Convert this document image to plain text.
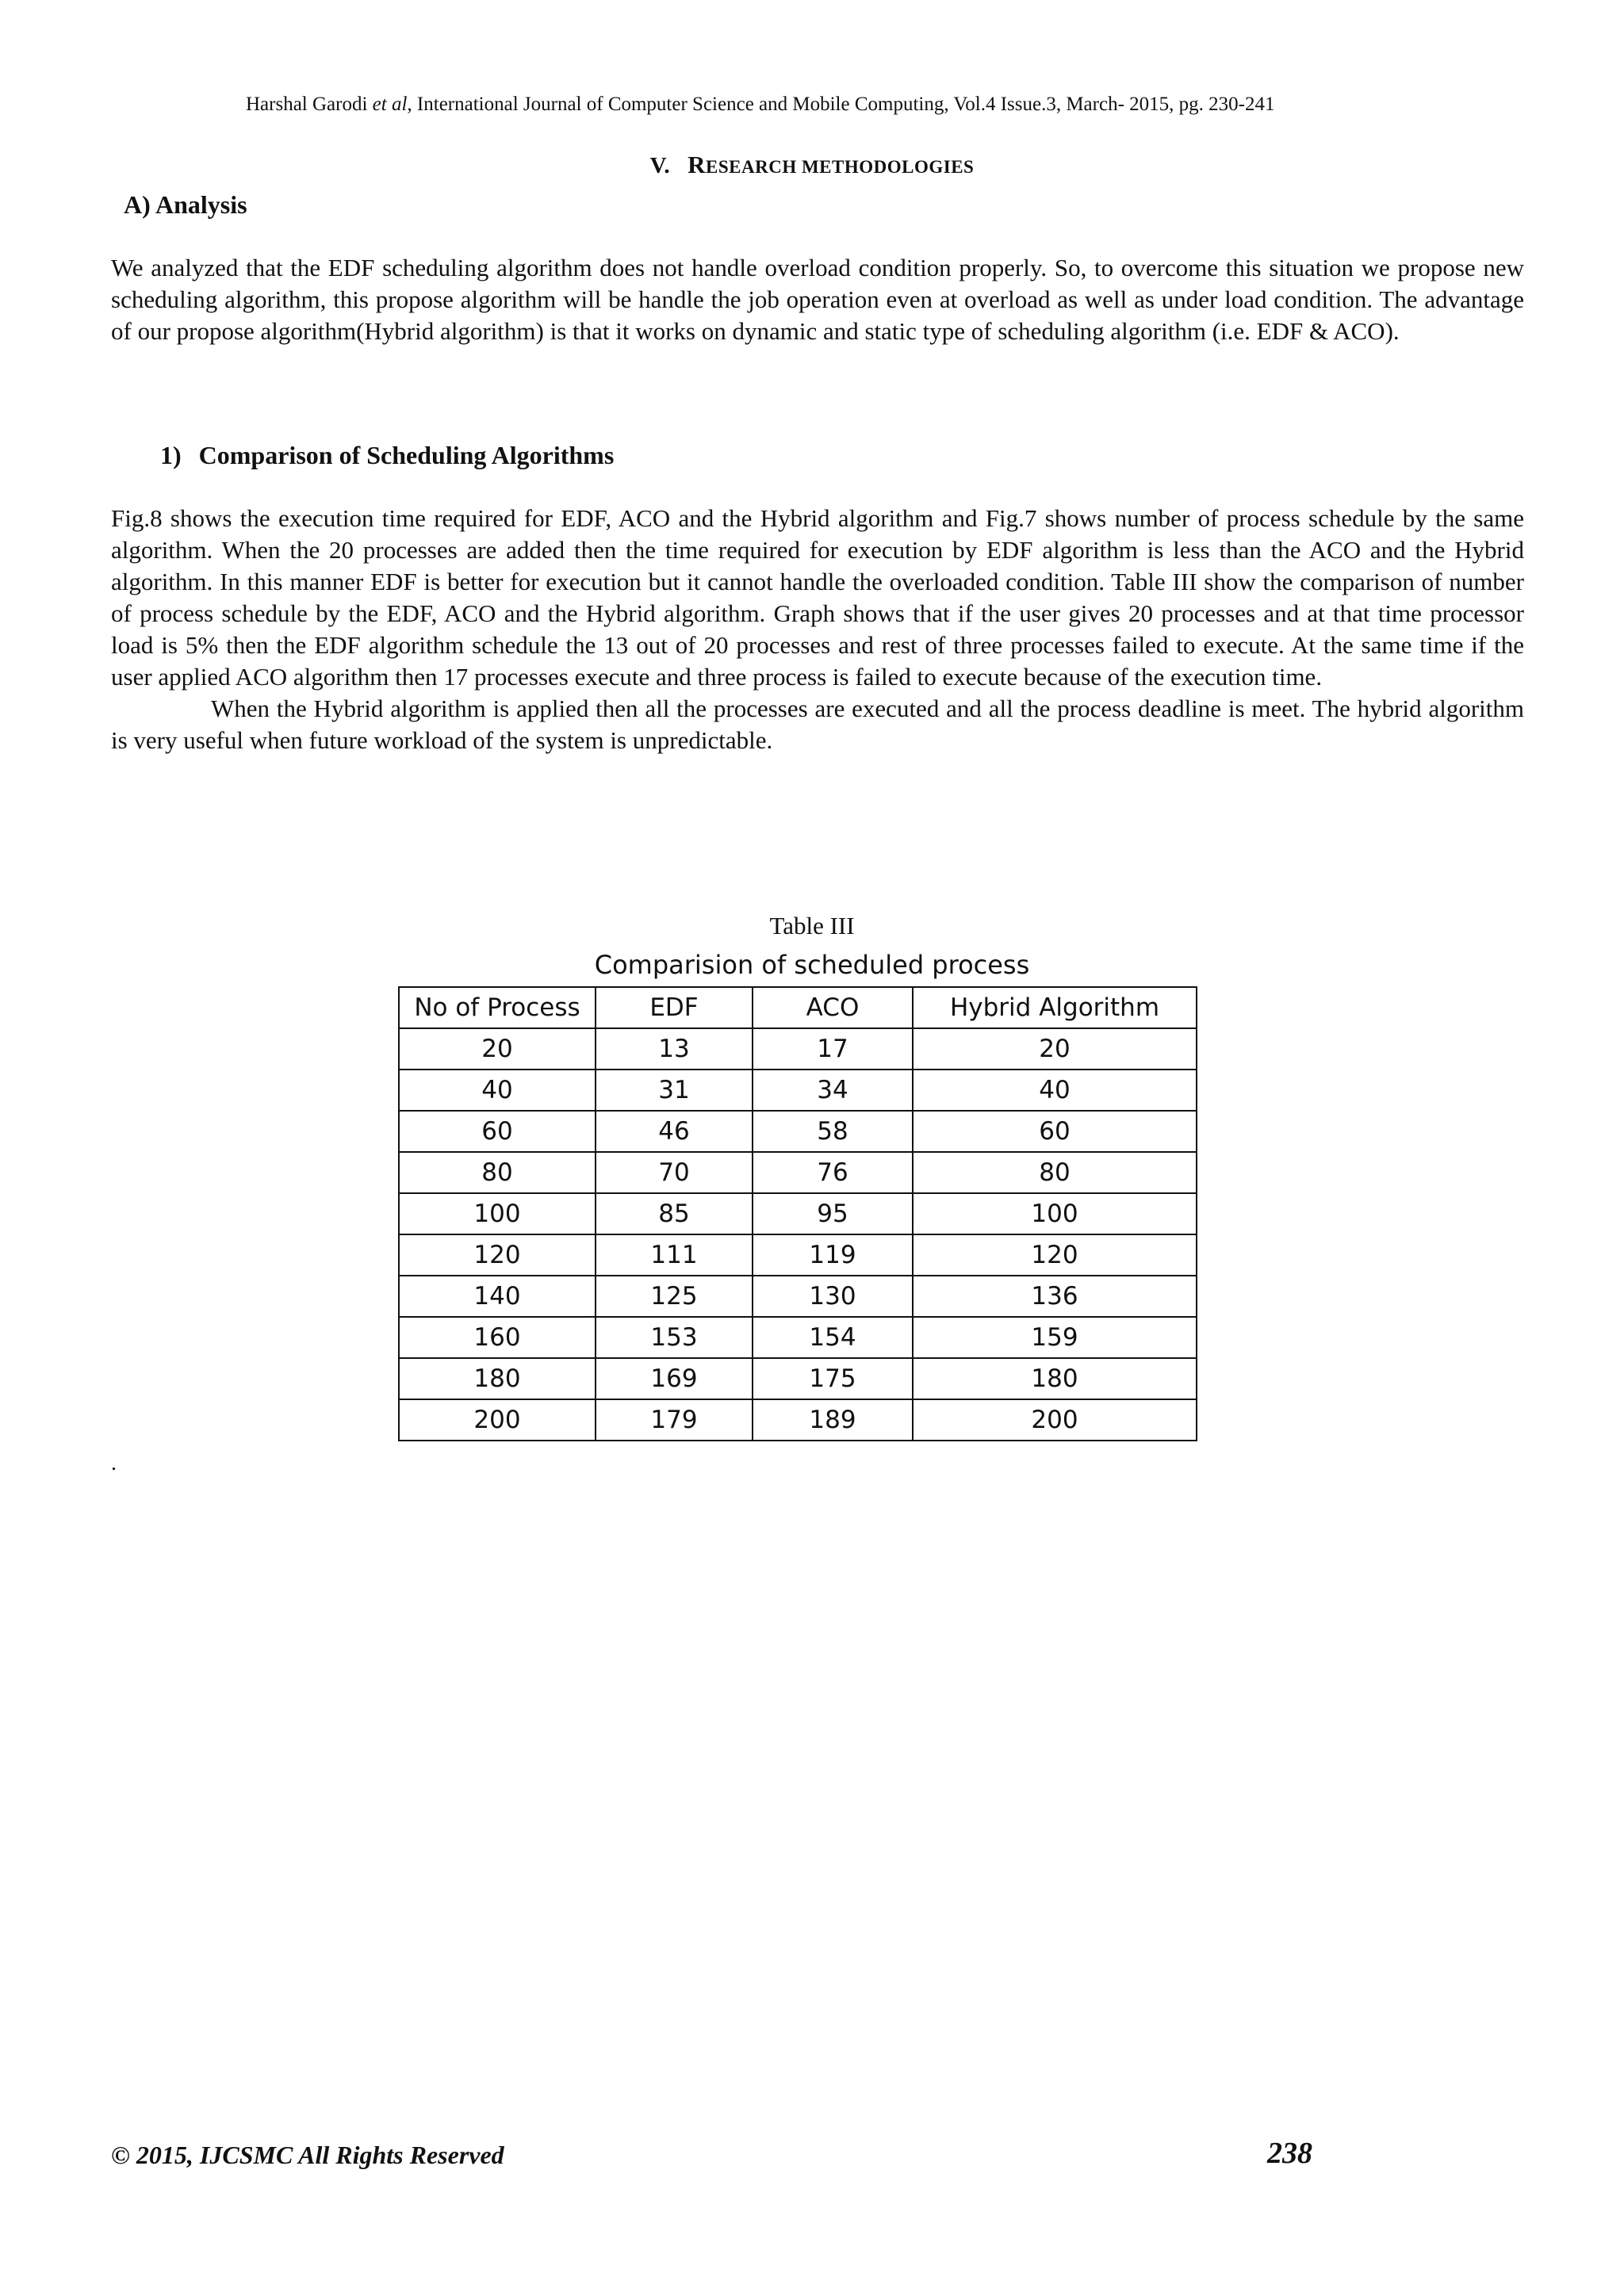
Harshal Garodi et al, International Journal of Computer Science and Mobile Computing, Vol.4 Issue.3, March- 2015, pg. 230-241
V. RESEARCH METHODOLOGIES
A) Analysis
We analyzed that the EDF scheduling algorithm does not handle overload condition properly. So, to overcome this situation we propose new scheduling algorithm, this propose algorithm will be handle the job operation even at overload as well as under load condition. The advantage of our propose algorithm(Hybrid algorithm) is that it works on dynamic and static type of scheduling algorithm (i.e. EDF & ACO).
1) Comparison of Scheduling Algorithms
Fig.8 shows the execution time required for EDF, ACO and the Hybrid algorithm and Fig.7 shows number of process schedule by the same algorithm. When the 20 processes are added then the time required for execution by EDF algorithm is less than the ACO and the Hybrid algorithm. In this manner EDF is better for execution but it cannot handle the overloaded condition. Table III show the comparison of number of process schedule by the EDF, ACO and the Hybrid algorithm. Graph shows that if the user gives 20 processes and at that time processor load is 5% then the EDF algorithm schedule the 13 out of 20 processes and rest of three processes failed to execute. At the same time if the user applied ACO algorithm then 17 processes execute and three process is failed to execute because of the execution time.
When the Hybrid algorithm is applied then all the processes are executed and all the process deadline is meet. The hybrid algorithm is very useful when future workload of the system is unpredictable.
Table III
Comparision of scheduled process
No of Process	EDF	ACO	Hybrid Algorithm
20	13	17	20
40	31	34	40
60	46	58	60
80	70	76	80
100	85	95	100
120	111	119	120
140	125	130	136
160	153	154	159
180	169	175	180
200	179	189	200
.
© 2015, IJCSMC All Rights Reserved	238
